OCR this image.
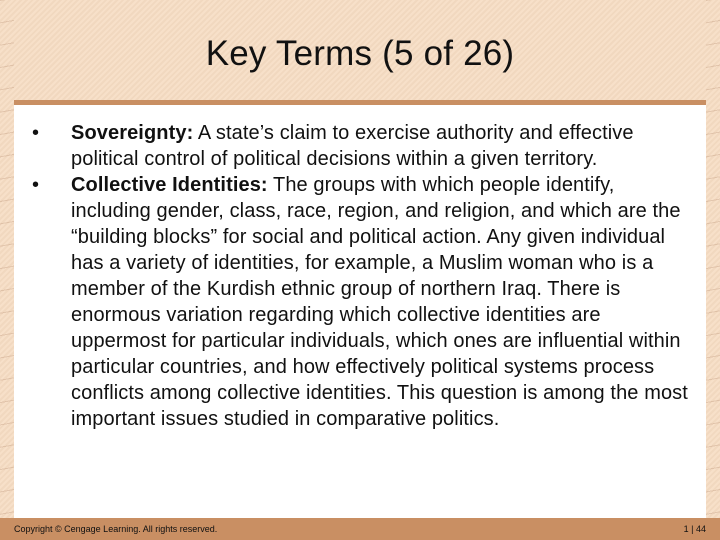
Key Terms (5 of 26)
•	Sovereignty: A state’s claim to exercise authority and effective political control of political decisions within a given territory.
•	Collective Identities: The groups with which people identify, including gender, class, race, region, and religion, and which are the “building blocks” for social and political action. Any given individual has a variety of identities, for example, a Muslim woman who is a member of the Kurdish ethnic group of northern Iraq. There is enormous variation regarding which collective identities are uppermost for particular individuals, which ones are influential within particular countries, and how effectively political systems process conflicts among collective identities. This question is among the most important issues studied in comparative politics.
Copyright © Cengage Learning. All rights reserved.	1 | 44
